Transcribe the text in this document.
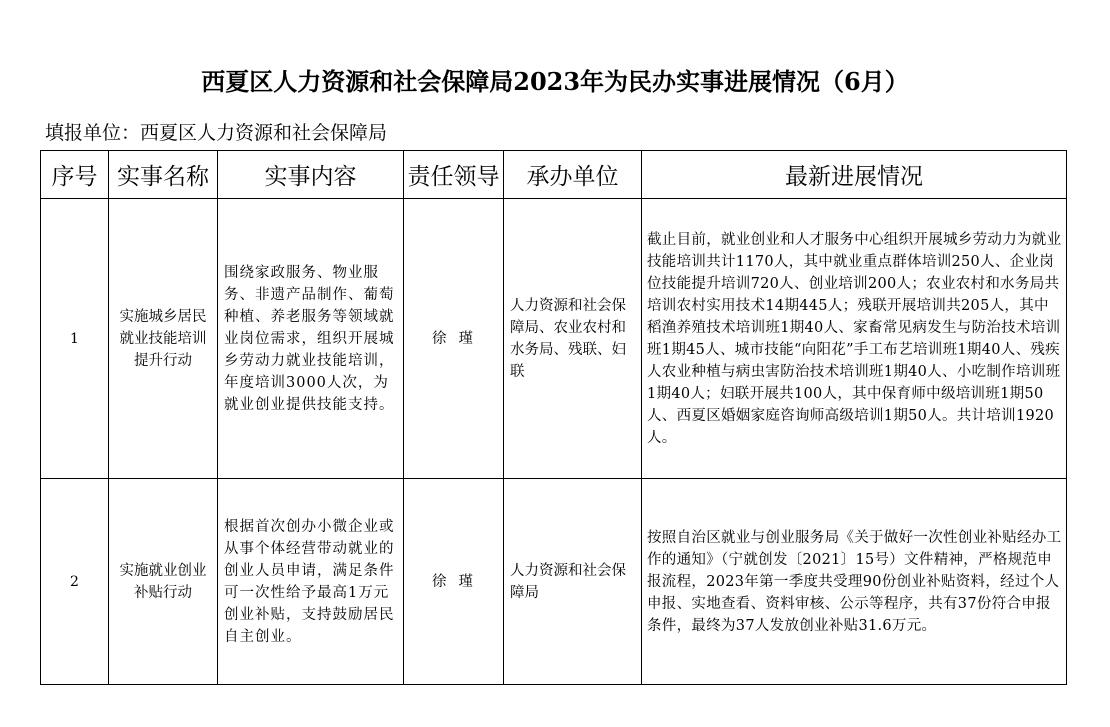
西夏区人力资源和社会保障局2023年为民办实事进展情况（6月）
填报单位：西夏区人力资源和社会保障局
序号	实事名称	实事内容	责任领导	承办单位	最新进展情况
1	实施城乡居民就业技能培训提升行动	围绕家政服务、物业服务、非遗产品制作、葡萄种植、养老服务等领域就业岗位需求，组织开展城乡劳动力就业技能培训，年度培训3000人次，为就业创业提供技能支持。	徐瑾	人力资源和社会保障局、农业农村和水务局、残联、妇联	截止目前，就业创业和人才服务中心组织开展城乡劳动力为就业技能培训共计1170人，其中就业重点群体培训250人、企业岗位技能提升培训720人、创业培训200人；农业农村和水务局共培训农村实用技术14期445人；残联开展培训共205人，其中稻渔养殖技术培训班1期40人、家畜常见病发生与防治技术培训班1期45人、城市技能“向阳花”手工布艺培训班1期40人、残疾人农业种植与病虫害防治技术培训班1期40人、小吃制作培训班1期40人；妇联开展共100人，其中保育师中级培训班1期50人、西夏区婚姻家庭咨询师高级培训1期50人。共计培训1920人。
2	实施就业创业补贴行动	根据首次创办小微企业或从事个体经营带动就业的创业人员申请，满足条件可一次性给予最高1万元创业补贴，支持鼓励居民自主创业。	徐瑾	人力资源和社会保障局	按照自治区就业与创业服务局《关于做好一次性创业补贴经办工作的通知》（宁就创发〔2021〕15号）文件精神，严格规范申报流程，2023年第一季度共受理90份创业补贴资料，经过个人申报、实地查看、资料审核、公示等程序，共有37份符合申报条件，最终为37人发放创业补贴31.6万元。
